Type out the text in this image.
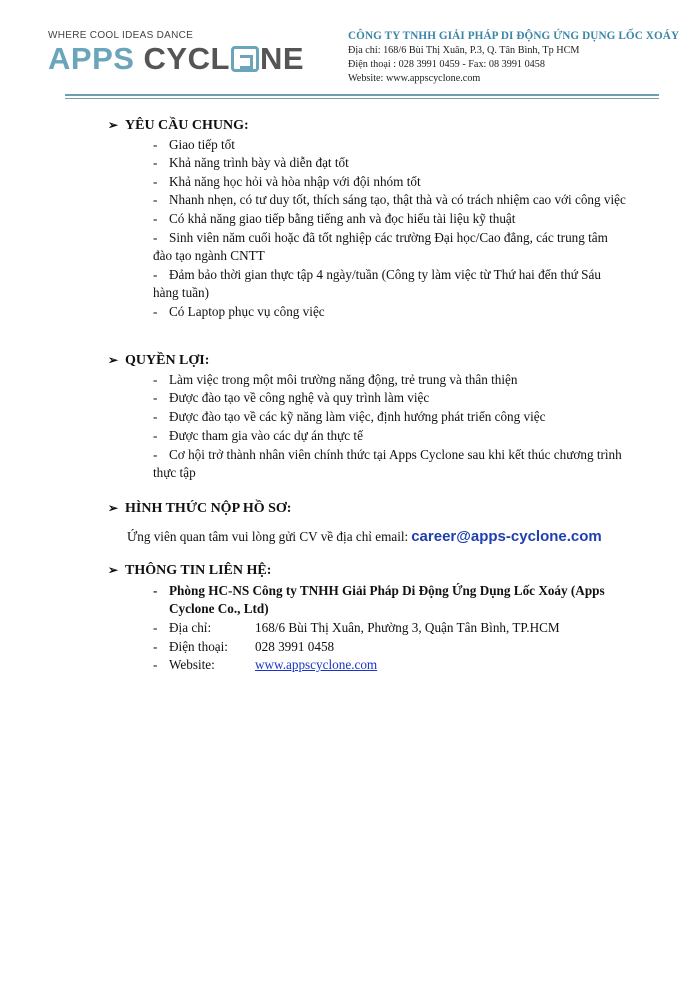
WHERE COOL IDEAS DANCE
APPS CYCL NE
CÔNG TY TNHH GIẢI PHÁP DI ĐỘNG ỨNG DỤNG LỐC XOÁY
Địa chỉ: 168/6 Bùi Thị Xuân, P.3, Q. Tân Bình, Tp HCM
Điện thoại : 028 3991 0459 - Fax: 08 3991 0458
Website: www.appscyclone.com
➢ YÊU CẦU CHUNG:
- Giao tiếp tốt
- Khả năng trình bày và diễn đạt tốt
- Khả năng học hỏi và hòa nhập với đội nhóm tốt
- Nhanh nhẹn, có tư duy tốt, thích sáng tạo, thật thà và có trách nhiệm cao với công việc
- Có khả năng giao tiếp bằng tiếng anh và đọc hiểu tài liệu kỹ thuật
- Sinh viên năm cuối hoặc đã tốt nghiệp các trường Đại học/Cao đẳng, các trung tâm
đào tạo ngành CNTT
- Đảm bảo thời gian thực tập 4 ngày/tuần (Công ty làm việc từ Thứ hai đến thứ Sáu
hàng tuần)
- Có Laptop phục vụ công việc
➢ QUYỀN LỢI:
- Làm việc trong một môi trường năng động, trẻ trung và thân thiện
- Được đào tạo về công nghệ và quy trình làm việc
- Được đào tạo về các kỹ năng làm việc, định hướng phát triển công việc
- Được tham gia vào các dự án thực tế
- Cơ hội trở thành nhân viên chính thức tại Apps Cyclone sau khi kết thúc chương trình
thực tập
➢ HÌNH THỨC NỘP HỒ SƠ:
Ứng viên quan tâm vui lòng gửi CV về địa chỉ email: career@apps-cyclone.com
➢ THÔNG TIN LIÊN HỆ:
- Phòng HC-NS Công ty TNHH Giải Pháp Di Động Ứng Dụng Lốc Xoáy (Apps
Cyclone Co., Ltd)
- Địa chỉ:	168/6 Bùi Thị Xuân, Phường 3, Quận Tân Bình, TP.HCM
- Điện thoại: 028 3991 0458
- Website:	www.appscyclone.com
